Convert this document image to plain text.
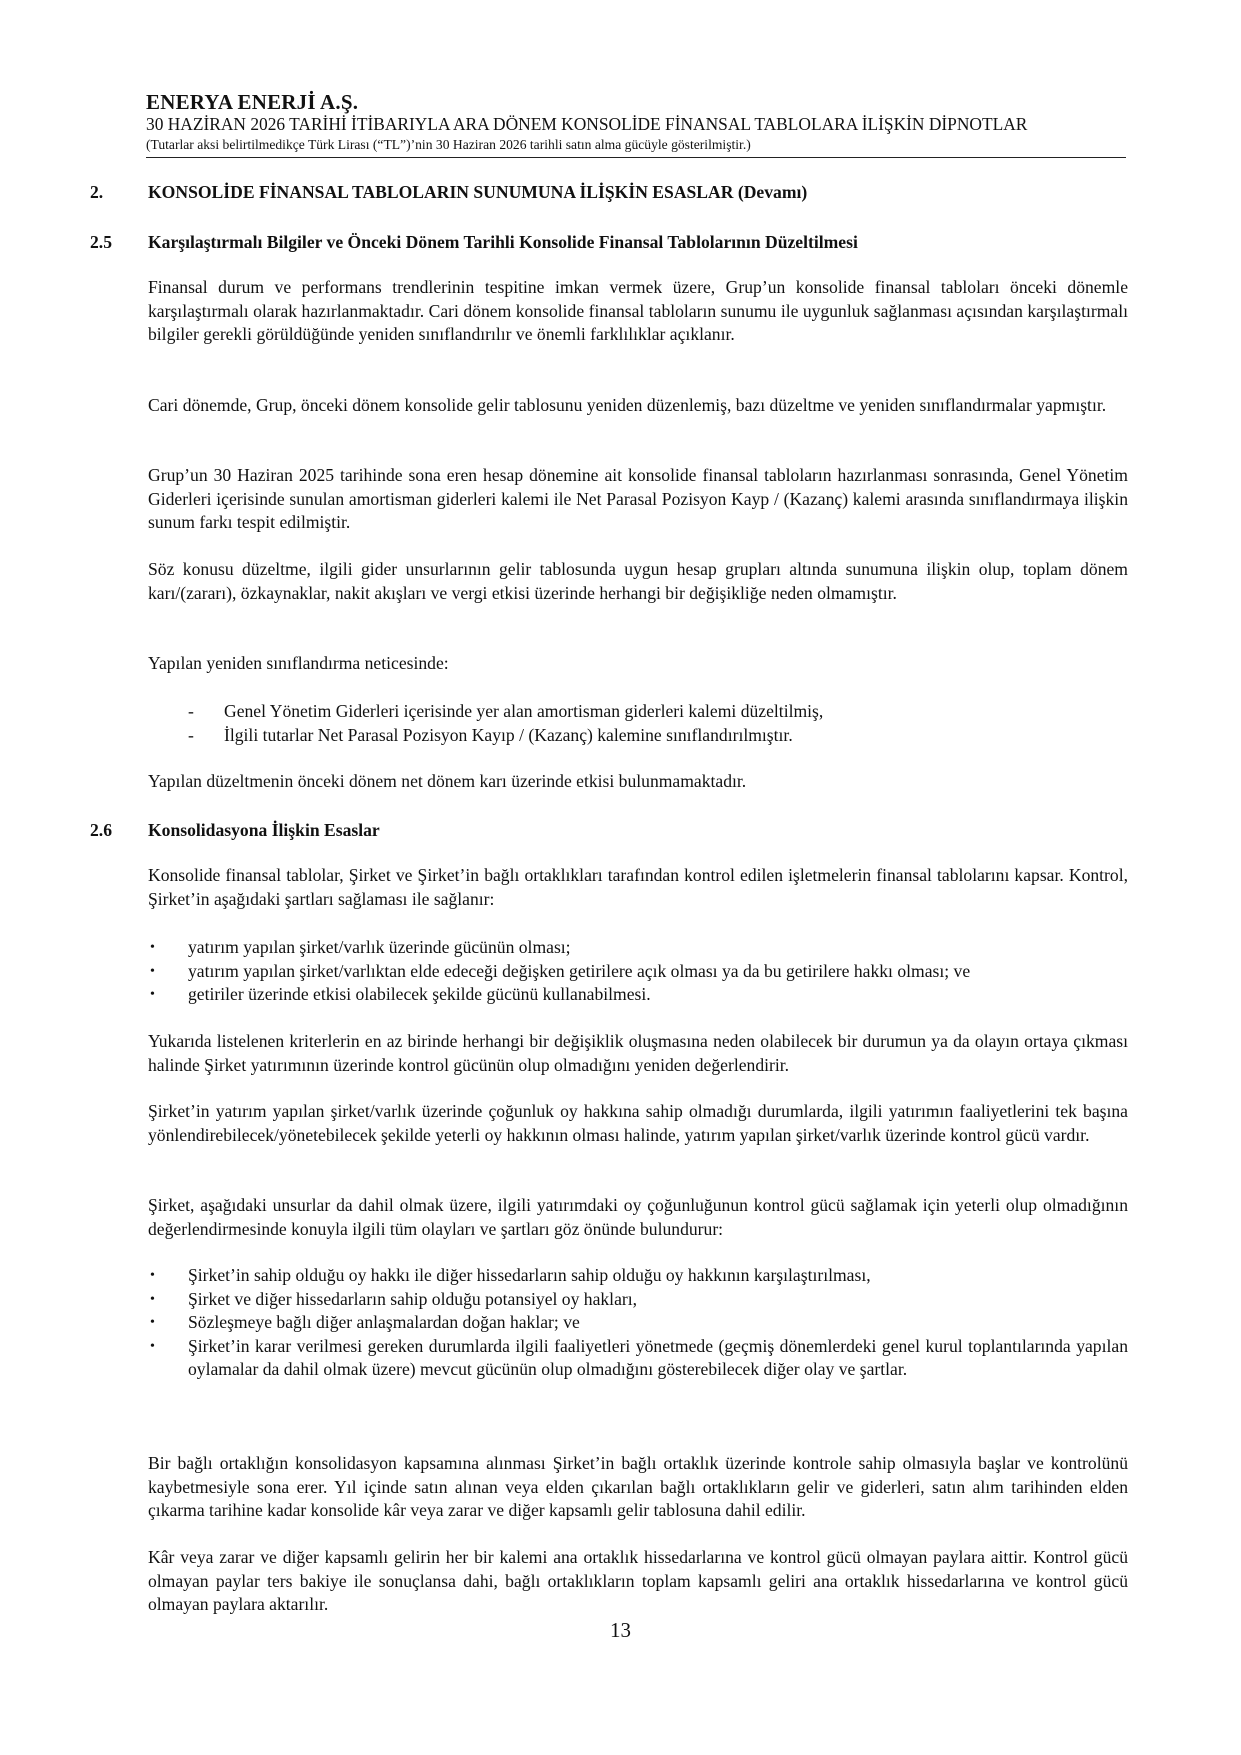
ENERYA ENERJİ A.Ş.
30 HAZİRAN 2026 TARİHİ İTİBARIYLA ARA DÖNEM KONSOLİDE FİNANSAL TABLOLARA İLİŞKİN DİPNOTLAR
(Tutarlar aksi belirtilmedikçe Türk Lirası (“TL”)’nin 30 Haziran 2026 tarihli satın alma gücüyle gösterilmiştir.)
2.	KONSOLİDE FİNANSAL TABLOLARIN SUNUMUNA İLİŞKİN ESASLAR (Devamı)
2.5 Karşılaştırmalı Bilgiler ve Önceki Dönem Tarihli Konsolide Finansal Tablolarının Düzeltilmesi

Finansal durum ve performans trendlerinin tespitine imkan vermek üzere, Grup’un konsolide finansal tabloları önceki dönemle karşılaştırmalı olarak hazırlanmaktadır. Cari dönem konsolide finansal tabloların sunumu ile uygunluk sağlanması açısından karşılaştırmalı bilgiler gerekli görüldüğünde yeniden sınıflandırılır ve önemli farklılıklar açıklanır.

Cari dönemde, Grup, önceki dönem konsolide gelir tablosunu yeniden düzenlemiş, bazı düzeltme ve yeniden sınıflandırmalar yapmıştır.

Grup’un 30 Haziran 2025 tarihinde sona eren hesap dönemine ait konsolide finansal tabloların hazırlanması sonrasında, Genel Yönetim Giderleri içerisinde sunulan amortisman giderleri kalemi ile Net Parasal Pozisyon Kayp / (Kazanç) kalemi arasında sınıflandırmaya ilişkin sunum farkı tespit edilmiştir.

Söz konusu düzeltme, ilgili gider unsurlarının gelir tablosunda uygun hesap grupları altında sunumuna ilişkin olup, toplam dönem karı/(zararı), özkaynaklar, nakit akışları ve vergi etkisi üzerinde herhangi bir değişikliğe neden olmamıştır.

Yapılan yeniden sınıflandırma neticesinde:

-	Genel Yönetim Giderleri içerisinde yer alan amortisman giderleri kalemi düzeltilmiş,
-	İlgili tutarlar Net Parasal Pozisyon Kayıp / (Kazanç) kalemine sınıflandırılmıştır.

Yapılan düzeltmenin önceki dönem net dönem karı üzerinde etkisi bulunmamaktadır.

2.6 Konsolidasyona İlişkin Esaslar

Konsolide finansal tablolar, Şirket ve Şirket’in bağlı ortaklıkları tarafından kontrol edilen işletmelerin finansal tablolarını kapsar. Kontrol, Şirket’in aşağıdaki şartları sağlaması ile sağlanır:

• yatırım yapılan şirket/varlık üzerinde gücünün olması;
• yatırım yapılan şirket/varlıktan elde edeceği değişken getirilere açık olması ya da bu getirilere hakkı olması; ve
• getiriler üzerinde etkisi olabilecek şekilde gücünü kullanabilmesi.

Yukarıda listelenen kriterlerin en az birinde herhangi bir değişiklik oluşmasına neden olabilecek bir durumun ya da olayın ortaya çıkması halinde Şirket yatırımının üzerinde kontrol gücünün olup olmadığını yeniden değerlendirir.

Şirket’in yatırım yapılan şirket/varlık üzerinde çoğunluk oy hakkına sahip olmadığı durumlarda, ilgili yatırımın faaliyetlerini tek başına yönlendirebilecek/yönetebilecek şekilde yeterli oy hakkının olması halinde, yatırım yapılan şirket/varlık üzerinde kontrol gücü vardır.

Şirket, aşağıdaki unsurlar da dahil olmak üzere, ilgili yatırımdaki oy çoğunluğunun kontrol gücü sağlamak için yeterli olup olmadığının değerlendirmesinde konuyla ilgili tüm olayları ve şartları göz önünde bulundurur:

• Şirket’in sahip olduğu oy hakkı ile diğer hissedarların sahip olduğu oy hakkının karşılaştırılması,
• Şirket ve diğer hissedarların sahip olduğu potansiyel oy hakları,
• Sözleşmeye bağlı diğer anlaşmalardan doğan haklar; ve
• Şirket’in karar verilmesi gereken durumlarda ilgili faaliyetleri yönetmede (geçmiş dönemlerdeki genel kurul toplantılarında yapılan oylamalar da dahil olmak üzere) mevcut gücünün olup olmadığını gösterebilecek diğer olay ve şartlar.

Bir bağlı ortaklığın konsolidasyon kapsamına alınması Şirket’in bağlı ortaklık üzerinde kontrole sahip olmasıyla başlar ve kontrolünü kaybetmesiyle sona erer. Yıl içinde satın alınan veya elden çıkarılan bağlı ortaklıkların gelir ve giderleri, satın alım tarihinden elden çıkarma tarihine kadar konsolide kâr veya zarar ve diğer kapsamlı gelir tablosuna dahil edilir.

Kâr veya zarar ve diğer kapsamlı gelirin her bir kalemi ana ortaklık hissedarlarına ve kontrol gücü olmayan paylara aittir. Kontrol gücü olmayan paylar ters bakiye ile sonuçlansa dahi, bağlı ortaklıkların toplam kapsamlı geliri ana ortaklık hissedarlarına ve kontrol gücü olmayan paylara aktarılır.

13
